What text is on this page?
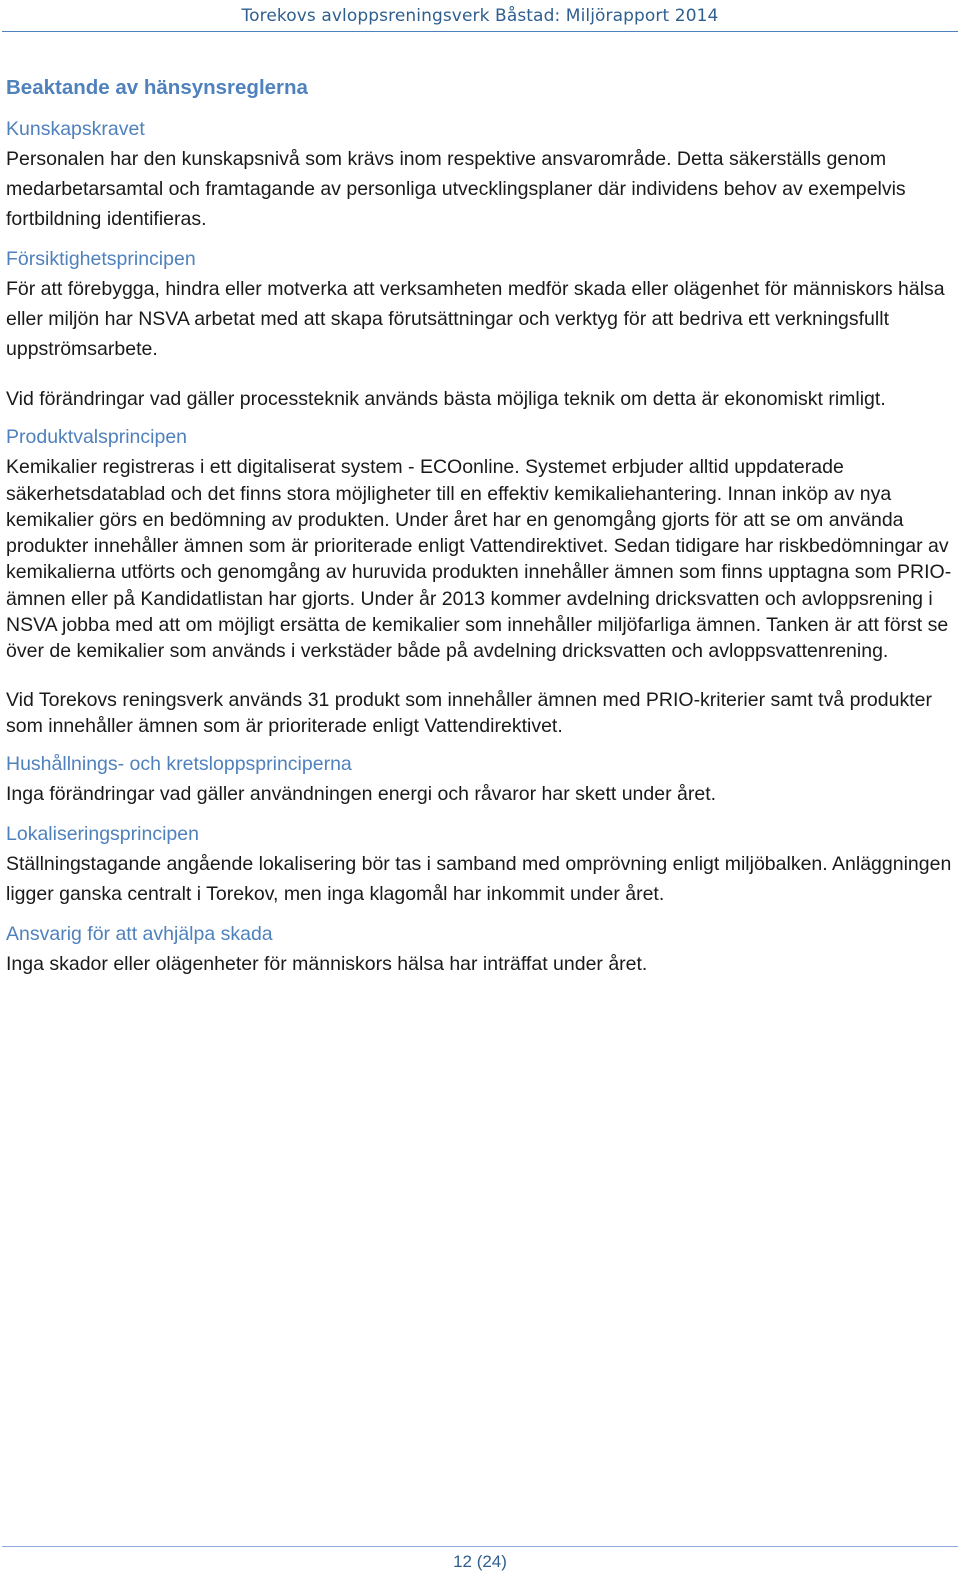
Torekovs avloppsreningsverk Båstad: Miljörapport 2014
Beaktande av hänsynsreglerna
Kunskapskravet
Personalen har den kunskapsnivå som krävs inom respektive ansvarområde. Detta säkerställs genom medarbetarsamtal och framtagande av personliga utvecklingsplaner där individens behov av exempelvis fortbildning identifieras.
Försiktighetsprincipen
För att förebygga, hindra eller motverka att verksamheten medför skada eller olägenhet för människors hälsa eller miljön har NSVA arbetat med att skapa förutsättningar och verktyg för att bedriva ett verkningsfullt uppströmsarbete.
Vid förändringar vad gäller processteknik används bästa möjliga teknik om detta är ekonomiskt rimligt.
Produktvalsprincipen
Kemikalier registreras i ett digitaliserat system - ECOonline. Systemet erbjuder alltid uppdaterade säkerhetsdatablad och det finns stora möjligheter till en effektiv kemikaliehantering. Innan inköp av nya kemikalier görs en bedömning av produkten. Under året har en genomgång gjorts för att se om använda produkter innehåller ämnen som är prioriterade enligt Vattendirektivet. Sedan tidigare har riskbedömningar av kemikalierna utförts och genomgång av huruvida produkten innehåller ämnen som finns upptagna som PRIO-ämnen eller på Kandidatlistan har gjorts. Under år 2013 kommer avdelning dricksvatten och avloppsrening i NSVA jobba med att om möjligt ersätta de kemikalier som innehåller miljöfarliga ämnen. Tanken är att först se över de kemikalier som används i verkstäder både på avdelning dricksvatten och avloppsvattenrening.
Vid Torekovs reningsverk används 31 produkt som innehåller ämnen med PRIO-kriterier samt två produkter som innehåller ämnen som är prioriterade enligt Vattendirektivet.
Hushållnings- och kretsloppsprinciperna
Inga förändringar vad gäller användningen energi och råvaror har skett under året.
Lokaliseringsprincipen
Ställningstagande angående lokalisering bör tas i samband med omprövning enligt miljöbalken. Anläggningen ligger ganska centralt i Torekov, men inga klagomål har inkommit under året.
Ansvarig för att avhjälpa skada
Inga skador eller olägenheter för människors hälsa har inträffat under året.
12 (24)
